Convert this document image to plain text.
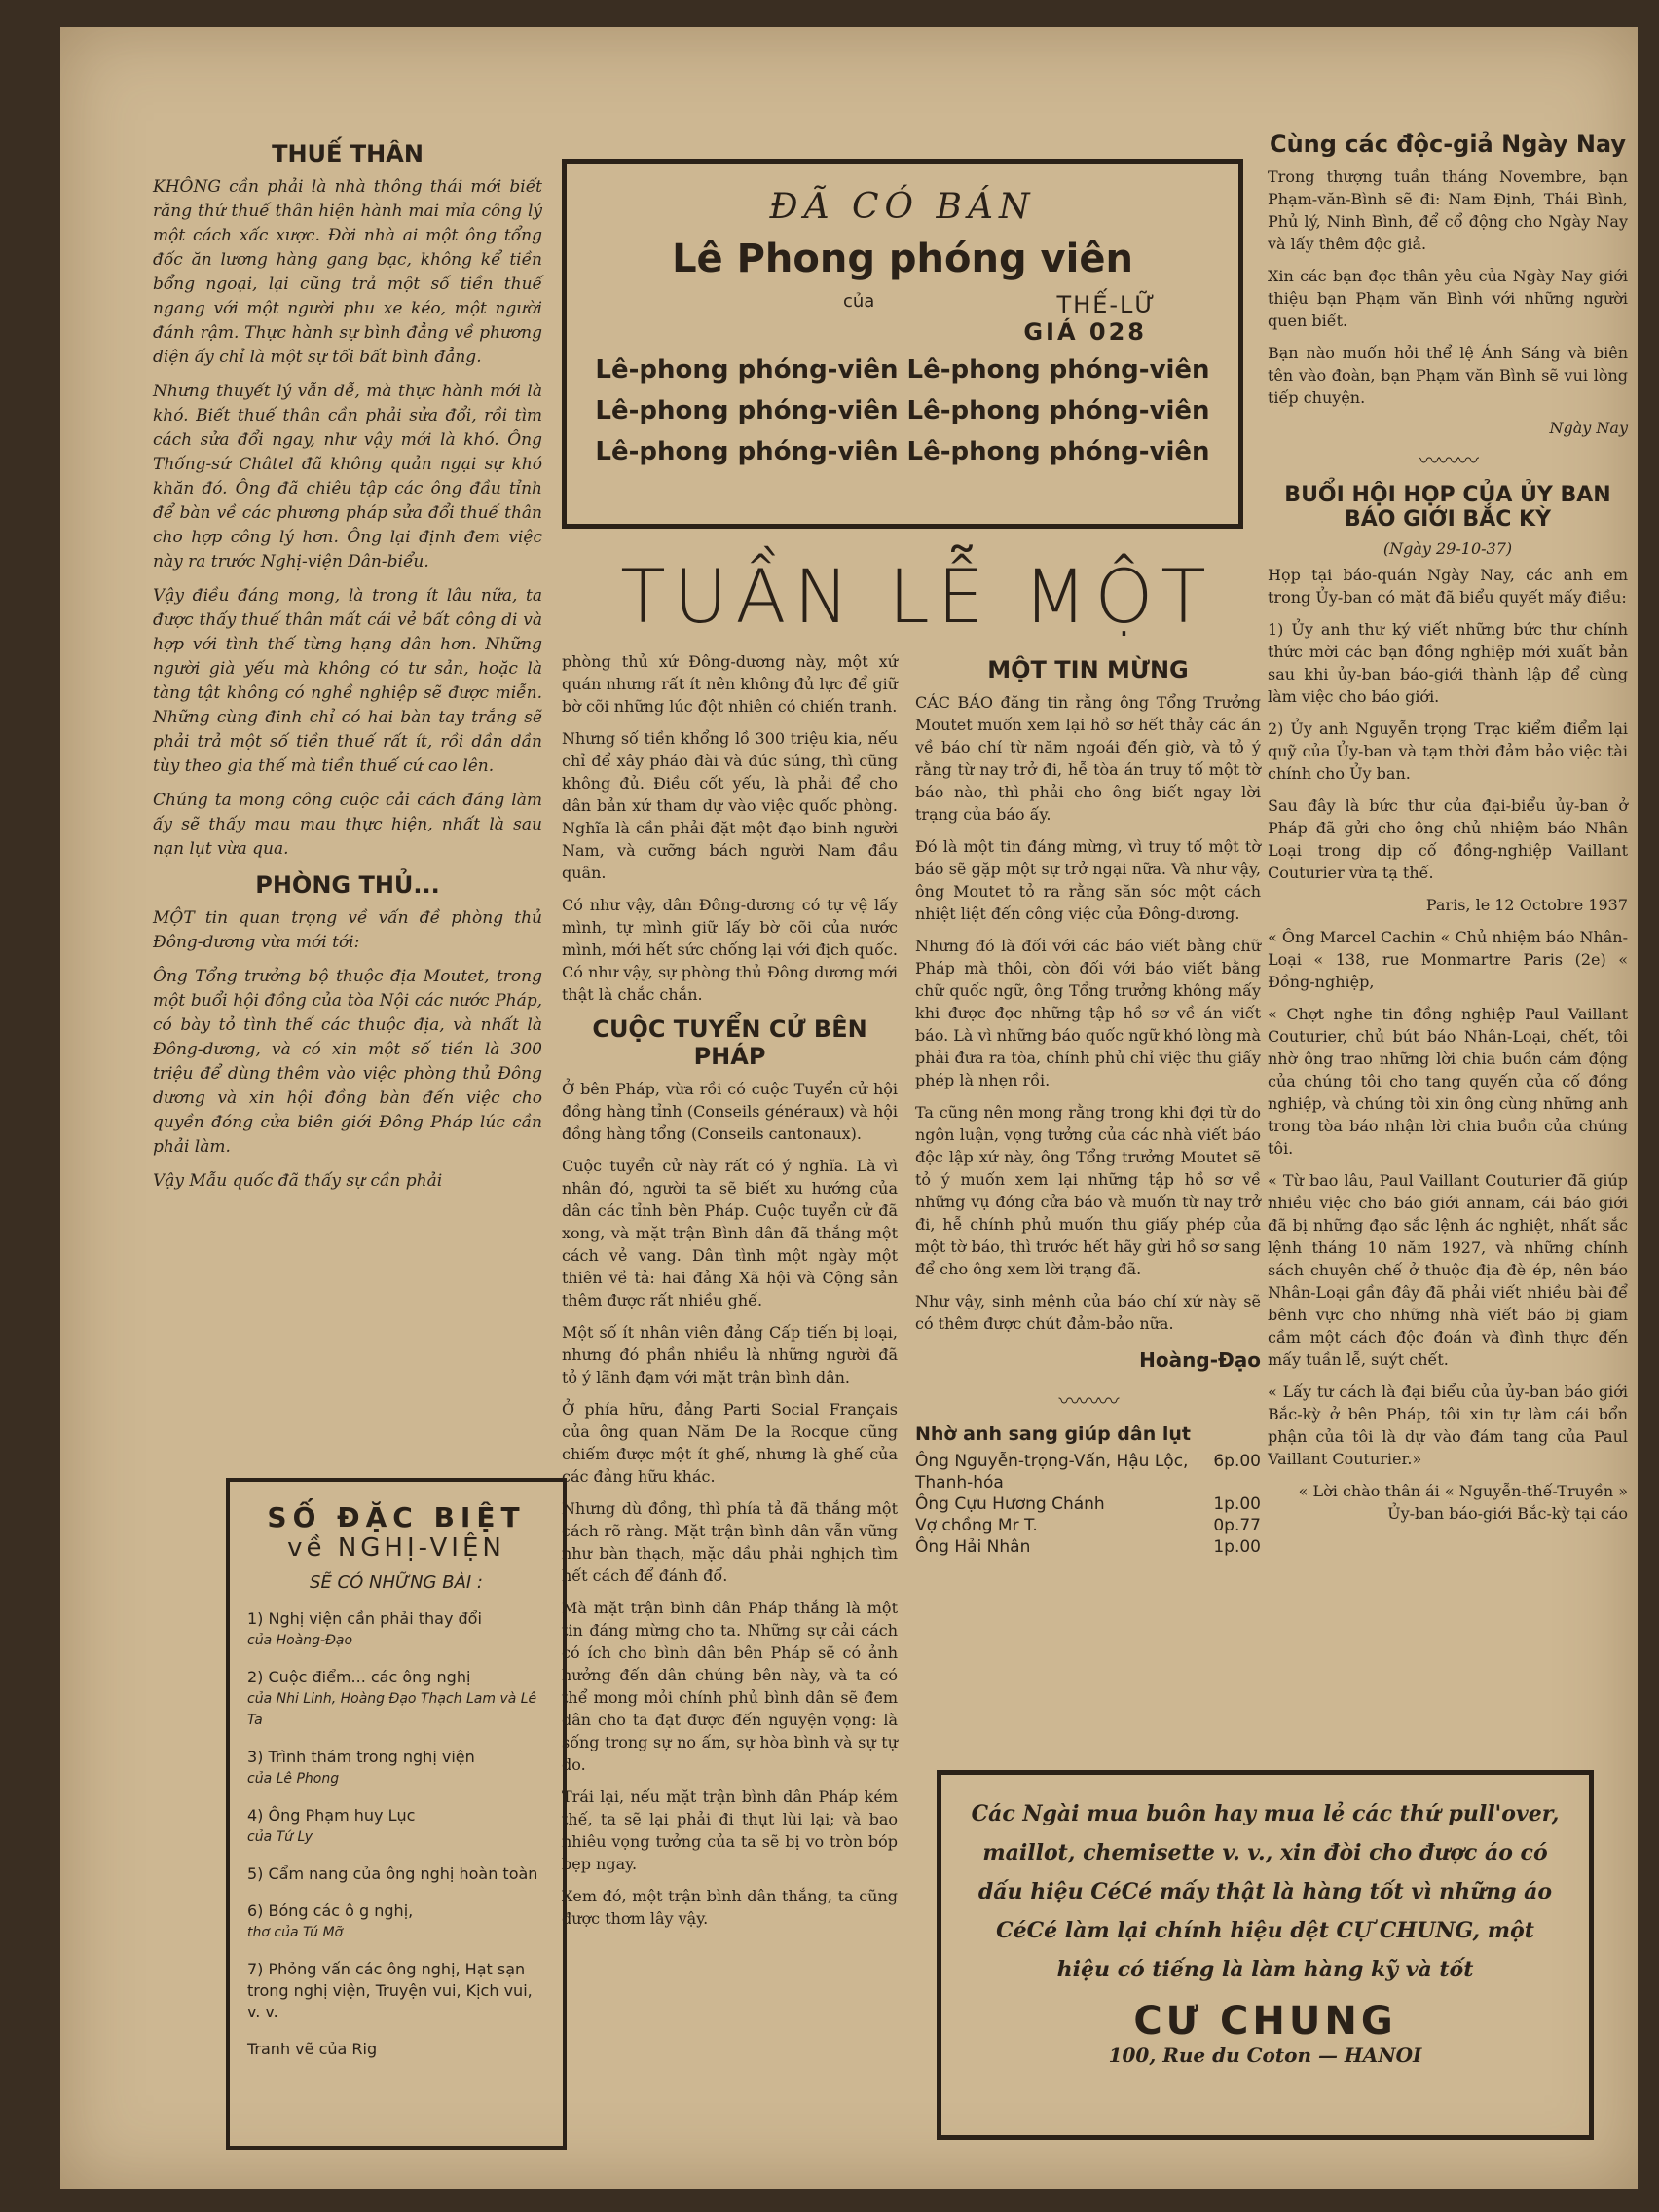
THUẾ THÂN

KHÔNG cần phải là nhà thông thái mới biết rằng thứ thuế thân hiện hành mai mỉa công lý một cách xấc xược. Đời nhà ai một ông tổng đốc ăn lương hàng gang bạc, không kể tiền bổng ngoại, lại cũng trả một số tiền thuế ngang với một người phu xe kéo, một người đánh rậm. Thực hành sự bình đẳng về phương diện ấy chỉ là một sự tối bất bình đẳng.

Nhưng thuyết lý vẫn dễ, mà thực hành mới là khó. Biết thuế thân cần phải sửa đổi, rồi tìm cách sửa đổi ngay, như vậy mới là khó. Ông Thống-sứ Châtel đã không quản ngại sự khó khăn đó. Ông đã chiêu tập các ông đầu tỉnh để bàn về các phương pháp sửa đổi thuế thân cho hợp công lý hơn. Ông lại định đem việc này ra trước Nghị-viện Dân-biểu.

Vậy điều đáng mong, là trong ít lâu nữa, ta được thấy thuế thân mất cái vẻ bất công di và hợp với tình thế từng hạng dân hơn. Những người già yếu mà không có tư sản, hoặc là tàng tật không có nghề nghiệp sẽ được miễn. Những cùng đinh chỉ có hai bàn tay trắng sẽ phải trả một số tiền thuế rất ít, rồi dần dần tùy theo gia thế mà tiền thuế cứ cao lên.

Chúng ta mong công cuộc cải cách đáng làm ấy sẽ thấy mau mau thực hiện, nhất là sau nạn lụt vừa qua.

PHÒNG THỦ...

MỘT tin quan trọng về vấn đề phòng thủ Đông-dương vừa mới tới:

Ông Tổng trưởng bộ thuộc địa Moutet, trong một buổi hội đồng của tòa Nội các nước Pháp, có bày tỏ tình thế các thuộc địa, và nhất là Đông-dương, và có xin một số tiền là 300 triệu để dùng thêm vào việc phòng thủ Đông dương và xin hội đồng bàn đến việc cho quyền đóng cửa biên giới Đông Pháp lúc cần phải làm.

Vậy Mẫu quốc đã thấy sự cần phải

ĐÃ CÓ BÁN
Lê Phong phóng viên
của	THẾ-LỮ
GIÁ 028
Lê-phong phóng-viên Lê-phong phóng-viên
Lê-phong phóng-viên Lê-phong phóng-viên
Lê-phong phóng-viên Lê-phong phóng-viên
TUẦN LỄ MỘT

phòng thủ xứ Đông-dương này, một xứ quán nhưng rất ít nên không đủ lực để giữ bờ cõi những lúc đột nhiên có chiến tranh.

Nhưng số tiền khổng lồ 300 triệu kia, nếu chỉ để xây pháo đài và đúc súng, thì cũng không đủ. Điều cốt yếu, là phải để cho dân bản xứ tham dự vào việc quốc phòng. Nghĩa là cần phải đặt một đạo binh người Nam, và cưỡng bách người Nam đầu quân.

Có như vậy, dân Đông-dương có tự vệ lấy mình, tự mình giữ lấy bờ cõi của nước mình, mới hết sức chống lại với địch quốc. Có như vậy, sự phòng thủ Đông dương mới thật là chắc chắn.

CUỘC TUYỂN CỬ BÊN PHÁP

Ở bên Pháp, vừa rồi có cuộc Tuyển cử hội đồng hàng tỉnh (Conseils généraux) và hội đồng hàng tổng (Conseils cantonaux).

Cuộc tuyển cử này rất có ý nghĩa. Là vì nhân đó, người ta sẽ biết xu hướng của dân các tỉnh bên Pháp. Cuộc tuyển cử đã xong, và mặt trận Bình dân đã thắng một cách vẻ vang. Dân tình một ngày một thiên về tả: hai đảng Xã hội và Cộng sản thêm được rất nhiều ghế.

Một số ít nhân viên đảng Cấp tiến bị loại, nhưng đó phần nhiều là những người đã tỏ ý lãnh đạm với mặt trận bình dân.

Ở phía hữu, đảng Parti Social Français của ông quan Năm De la Rocque cũng chiếm được một ít ghế, nhưng là ghế của các đảng hữu khác.

Nhưng dù đồng, thì phía tả đã thắng một cách rõ ràng. Mặt trận bình dân vẫn vững như bàn thạch, mặc dầu phải nghịch tìm hết cách để đánh đổ.

Mà mặt trận bình dân Pháp thắng là một tin đáng mừng cho ta. Những sự cải cách có ích cho bình dân bên Pháp sẽ có ảnh hưởng đến dân chúng bên này, và ta có thể mong mỏi chính phủ bình dân sẽ đem dân cho ta đạt được đến nguyện vọng: là sống trong sự no ấm, sự hòa bình và sự tự do.

Trái lại, nếu mặt trận bình dân Pháp kém thế, ta sẽ lại phải đi thụt lùi lại; và bao nhiêu vọng tưởng của ta sẽ bị vo tròn bóp bẹp ngay.

Xem đó, một trận bình dân thắng, ta cũng được thơm lây vậy.

MỘT TIN MỪNG

CÁC BÁO đăng tin rằng ông Tổng Trưởng Moutet muốn xem lại hồ sơ hết thảy các án về báo chí từ năm ngoái đến giờ, và tỏ ý rằng từ nay trở đi, hễ tòa án truy tố một tờ báo nào, thì phải cho ông biết ngay lời trạng của báo ấy.

Đó là một tin đáng mừng, vì truy tố một tờ báo sẽ gặp một sự trở ngại nữa. Và như vậy, ông Moutet tỏ ra rằng săn sóc một cách nhiệt liệt đến công việc của Đông-dương.

Nhưng đó là đối với các báo viết bằng chữ Pháp mà thôi, còn đối với báo viết bằng chữ quốc ngữ, ông Tổng trưởng không mấy khi được đọc những tập hồ sơ về án viết báo. Là vì những báo quốc ngữ khó lòng mà phải đưa ra tòa, chính phủ chỉ việc thu giấy phép là nhẹn rồi.

Ta cũng nên mong rằng trong khi đợi từ do ngôn luận, vọng tưởng của các nhà viết báo độc lập xứ này, ông Tổng trưởng Moutet sẽ tỏ ý muốn xem lại những tập hồ sơ về những vụ đóng cửa báo và muốn từ nay trở đi, hễ chính phủ muốn thu giấy phép của một tờ báo, thì trước hết hãy gửi hồ sơ sang để cho ông xem lời trạng đã.

Như vậy, sinh mệnh của báo chí xứ này sẽ có thêm được chút đảm-bảo nữa.

Hoàng-Đạo
〰〰〰
Nhờ anh sang giúp dân lụt
Ông Nguyễn-trọng-Vấn, Hậu Lộc, Thanh-hóa
6p.00
Ông Cựu Hương Chánh	1p.00
Vợ chồng Mr T.	0p.77
Ông Hải Nhân	1p.00
Cùng các độc-giả Ngày Nay

Trong thượng tuần tháng Novembre, bạn Phạm-văn-Bình sẽ đi: Nam Định, Thái Bình, Phủ lý, Ninh Bình, để cổ động cho Ngày Nay và lấy thêm độc giả.

Xin các bạn đọc thân yêu của Ngày Nay giới thiệu bạn Phạm văn Bình với những người quen biết.

Bạn nào muốn hỏi thể lệ Ánh Sáng và biên tên vào đoàn, bạn Phạm văn Bình sẽ vui lòng tiếp chuyện.

Ngày Nay
〰〰〰
BUỔI HỘI HỌP CỦA ỦY BAN BÁO GIỚI BẮC KỲ
(Ngày 29-10-37)

Họp tại báo-quán Ngày Nay, các anh em trong Ủy-ban có mặt đã biểu quyết mấy điều:

1) Ủy anh thư ký viết những bức thư chính thức mời các bạn đồng nghiệp mới xuất bản sau khi ủy-ban báo-giới thành lập để cùng làm việc cho báo giới.

2) Ủy anh Nguyễn trọng Trạc kiểm điểm lại quỹ của Ủy-ban và tạm thời đảm bảo việc tài chính cho Ủy ban.

Sau đây là bức thư của đại-biểu ủy-ban ở Pháp đã gửi cho ông chủ nhiệm báo Nhân Loại trong dịp cố đồng-nghiệp Vaillant Couturier vừa tạ thế.

Paris, le 12 Octobre 1937

« Ông Marcel Cachin « Chủ nhiệm báo Nhân-Loại « 138, rue Monmartre Paris (2e) « Đồng-nghiệp,

« Chợt nghe tin đồng nghiệp Paul Vaillant Couturier, chủ bút báo Nhân-Loại, chết, tôi nhờ ông trao những lời chia buồn cảm động của chúng tôi cho tang quyến của cố đồng nghiệp, và chúng tôi xin ông cùng những anh trong tòa báo nhận lời chia buồn của chúng tôi.

« Từ bao lâu, Paul Vaillant Couturier đã giúp nhiều việc cho báo giới annam, cái báo giới đã bị những đạo sắc lệnh ác nghiệt, nhất sắc lệnh tháng 10 năm 1927, và những chính sách chuyên chế ở thuộc địa đè ép, nên báo Nhân-Loại gần đây đã phải viết nhiều bài để bênh vực cho những nhà viết báo bị giam cầm một cách độc đoán và đình thực đến mấy tuần lễ, suýt chết.

« Lấy tư cách là đại biểu của ủy-ban báo giới Bắc-kỳ ở bên Pháp, tôi xin tự làm cái bổn phận của tôi là dự vào đám tang của Paul Vaillant Couturier.»

« Lời chào thân ái « Nguyễn-thế-Truyền » Ủy-ban báo-giới Bắc-kỳ tại cáo

SỐ ĐẶC BIỆT
về NGHỊ-VIỆN
SẼ CÓ NHỮNG BÀI :
1) Nghị viện cần phải thay đổi
của Hoàng-Đạo
2) Cuộc điểm... các ông nghị
của Nhi Linh, Hoàng Đạo Thạch Lam và Lê Ta
3) Trình thám trong nghị viện
của Lê Phong
4) Ông Phạm huy Lục
của Tứ Ly
5) Cẩm nang của ông nghị hoàn toàn
6) Bóng các ô g nghị,
thơ của Tú Mỡ
7) Phỏng vấn các ông nghị, Hạt sạn trong nghị viện, Truyện vui, Kịch vui, v. v.
Tranh vẽ của Rig

Các Ngài mua buôn hay mua lẻ các thứ pull'over, maillot, chemisette v. v., xin đòi cho được áo có dấu hiệu CéCé mấy thật là hàng tốt vì những áo CéCé làm lại chính hiệu dệt CỰ CHUNG, một hiệu có tiếng là làm hàng kỹ và tốt

CƯ CHUNG
100, Rue du Coton — HANOI
